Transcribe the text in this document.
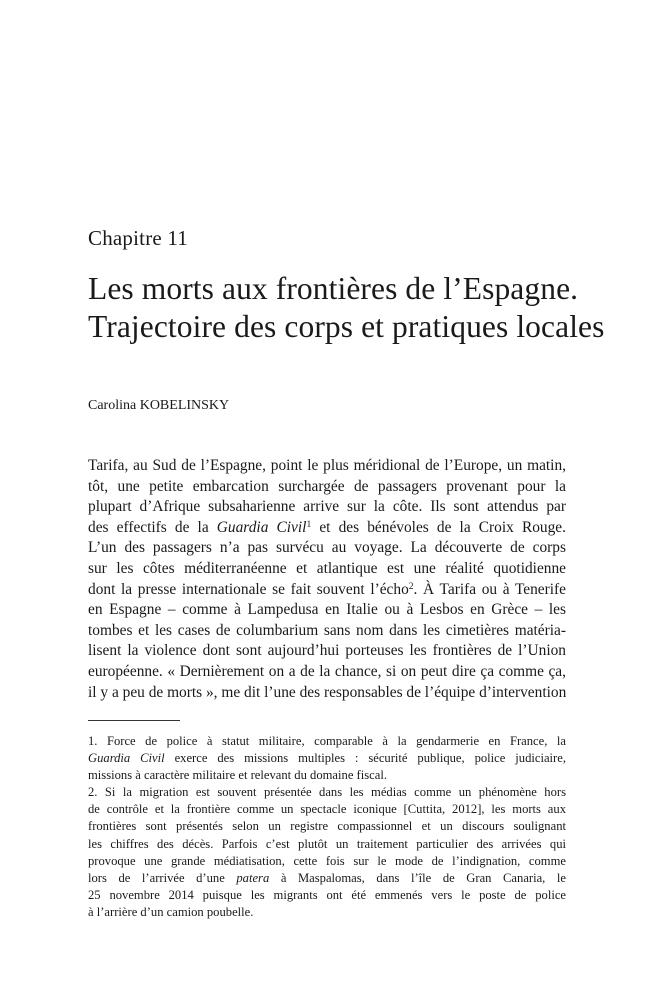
Chapitre 11
Les morts aux frontières de l’Espagne.
Trajectoire des corps et pratiques locales
Carolina KOBELINSKY
Tarifa, au Sud de l’Espagne, point le plus méridional de l’Europe, un matin,
tôt, une petite embarcation surchargée de passagers provenant pour la
plupart d’Afrique subsaharienne arrive sur la côte. Ils sont attendus par
des effectifs de la Guardia Civil$^1$ et des bénévoles de la Croix Rouge.
L’un des passagers n’a pas survécu au voyage. La découverte de corps
sur les côtes méditerranéenne et atlantique est une réalité quotidienne
dont la presse internationale se fait souvent l’écho$^2$. À Tarifa ou à Tenerife
en Espagne – comme à Lampedusa en Italie ou à Lesbos en Grèce – les
tombes et les cases de columbarium sans nom dans les cimetières matéria-
lisent la violence dont sont aujourd’hui porteuses les frontières de l’Union
européenne. « Dernièrement on a de la chance, si on peut dire ça comme ça,
il y a peu de morts », me dit l’une des responsables de l’équipe d’intervention
1. Force de police à statut militaire, comparable à la gendarmerie en France, la
Guardia Civil exerce des missions multiples : sécurité publique, police judiciaire,
missions à caractère militaire et relevant du domaine fiscal.
2. Si la migration est souvent présentée dans les médias comme un phénomène hors
de contrôle et la frontière comme un spectacle iconique [Cuttita, 2012], les morts aux
frontières sont présentés selon un registre compassionnel et un discours soulignant
les chiffres des décès. Parfois c’est plutôt un traitement particulier des arrivées qui
provoque une grande médiatisation, cette fois sur le mode de l’indignation, comme
lors de l’arrivée d’une patera à Maspalomas, dans l’île de Gran Canaria, le
25 novembre 2014 puisque les migrants ont été emmenés vers le poste de police
à l’arrière d’un camion poubelle.
